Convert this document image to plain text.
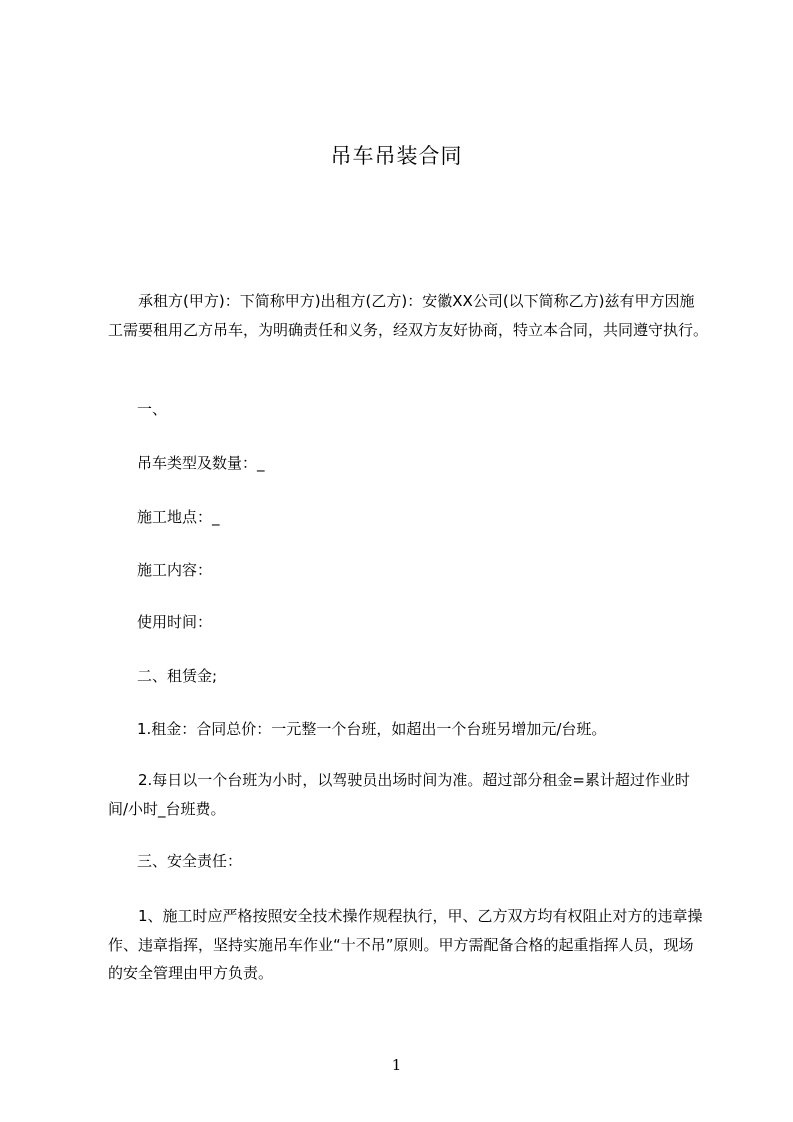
吊车吊装合同
承租方(甲方)：下简称甲方)出租方(乙方)：安徽XX公司(以下简称乙方)兹有甲方因施工需要租用乙方吊车，为明确责任和义务，经双方友好协商，特立本合同，共同遵守执行。
一、
吊车类型及数量：_
施工地点：_
施工内容：
使用时间：
二、租赁金;
1.租金：合同总价：一元整一个台班，如超出一个台班另增加元/台班。
2.每日以一个台班为小时，以驾驶员出场时间为准。超过部分租金=累计超过作业时间/小时_台班费。
三、安全责任：
1、施工时应严格按照安全技术操作规程执行，甲、乙方双方均有权阻止对方的违章操作、违章指挥，坚持实施吊车作业“十不吊”原则。甲方需配备合格的起重指挥人员，现场的安全管理由甲方负责。
1
